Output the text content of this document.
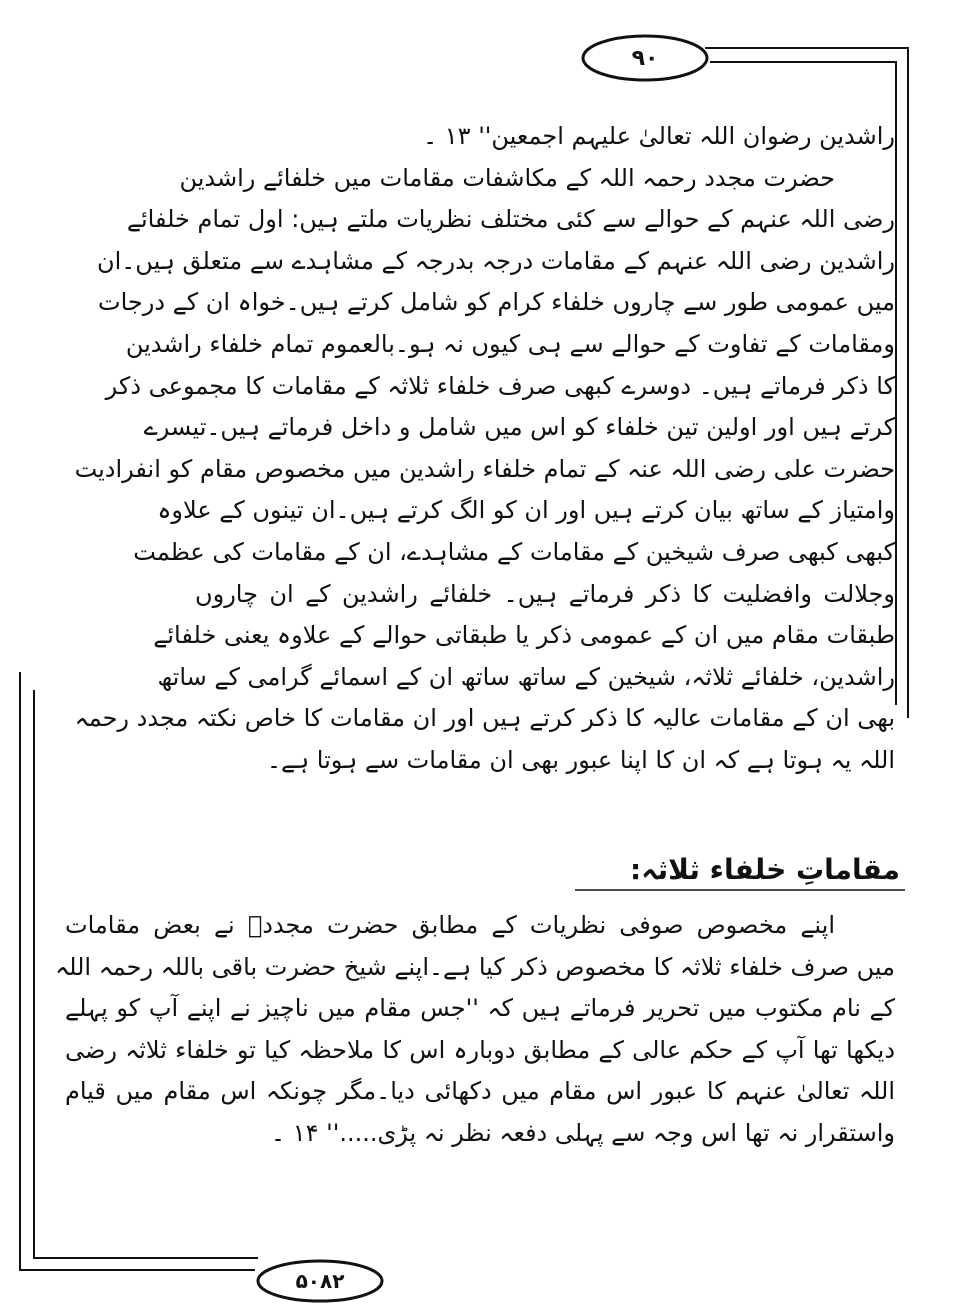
۹۰
۵۰۸۲
راشدین رضوان اللہ تعالیٰ علیہم اجمعین'' ۱۳ ۔
حضرت مجدد رحمہ اللہ کے مکاشفات مقامات میں خلفائے راشدین
رضی اللہ عنہم کے حوالے سے کئی مختلف نظریات ملتے ہیں: اول تمام خلفائے
راشدین رضی اللہ عنہم کے مقامات درجہ بدرجہ کے مشاہدے سے متعلق ہیں۔ان
میں عمومی طور سے چاروں خلفاء کرام کو شامل کرتے ہیں۔خواہ ان کے درجات
ومقامات کے تفاوت کے حوالے سے ہی کیوں نہ ہو۔بالعموم تمام خلفاء راشدین
کا ذکر فرماتے ہیں۔ دوسرے کبھی صرف خلفاء ثلاثہ کے مقامات کا مجموعی ذکر
کرتے ہیں اور اولین تین خلفاء کو اس میں شامل و داخل فرماتے ہیں۔تیسرے
حضرت علی رضی اللہ عنہ کے تمام خلفاء راشدین میں مخصوص مقام کو انفرادیت
وامتیاز کے ساتھ بیان کرتے ہیں اور ان کو الگ کرتے ہیں۔ان تینوں کے علاوہ
کبھی کبھی صرف شیخین کے مقامات کے مشاہدے، ان کے مقامات کی عظمت
وجلالت وافضلیت کا ذکر فرماتے ہیں۔ خلفائے راشدین کے ان چاروں
طبقات مقام میں ان کے عمومی ذکر یا طبقاتی حوالے کے علاوہ یعنی خلفائے
راشدین، خلفائے ثلاثہ، شیخین کے ساتھ ساتھ ان کے اسمائے گرامی کے ساتھ
بھی ان کے مقامات عالیہ کا ذکر کرتے ہیں اور ان مقامات کا خاص نکتہ مجدد رحمہ
اللہ یہ ہوتا ہے کہ ان کا اپنا عبور بھی ان مقامات سے ہوتا ہے۔
مقاماتِ خلفاء ثلاثہ:
اپنے مخصوص صوفی نظریات کے مطابق حضرت مجددؒ نے بعض مقامات
میں صرف خلفاء ثلاثہ کا مخصوص ذکر کیا ہے۔اپنے شیخ حضرت باقی باللہ رحمہ اللہ
کے نام مکتوب میں تحریر فرماتے ہیں کہ ''جس مقام میں ناچیز نے اپنے آپ کو پہلے
دیکھا تھا آپ کے حکم عالی کے مطابق دوبارہ اس کا ملاحظہ کیا تو خلفاء ثلاثہ رضی
اللہ تعالیٰ عنہم کا عبور اس مقام میں دکھائی دیا۔مگر چونکہ اس مقام میں قیام
واستقرار نہ تھا اس وجہ سے پہلی دفعہ نظر نہ پڑی.....'' ۱۴ ۔
